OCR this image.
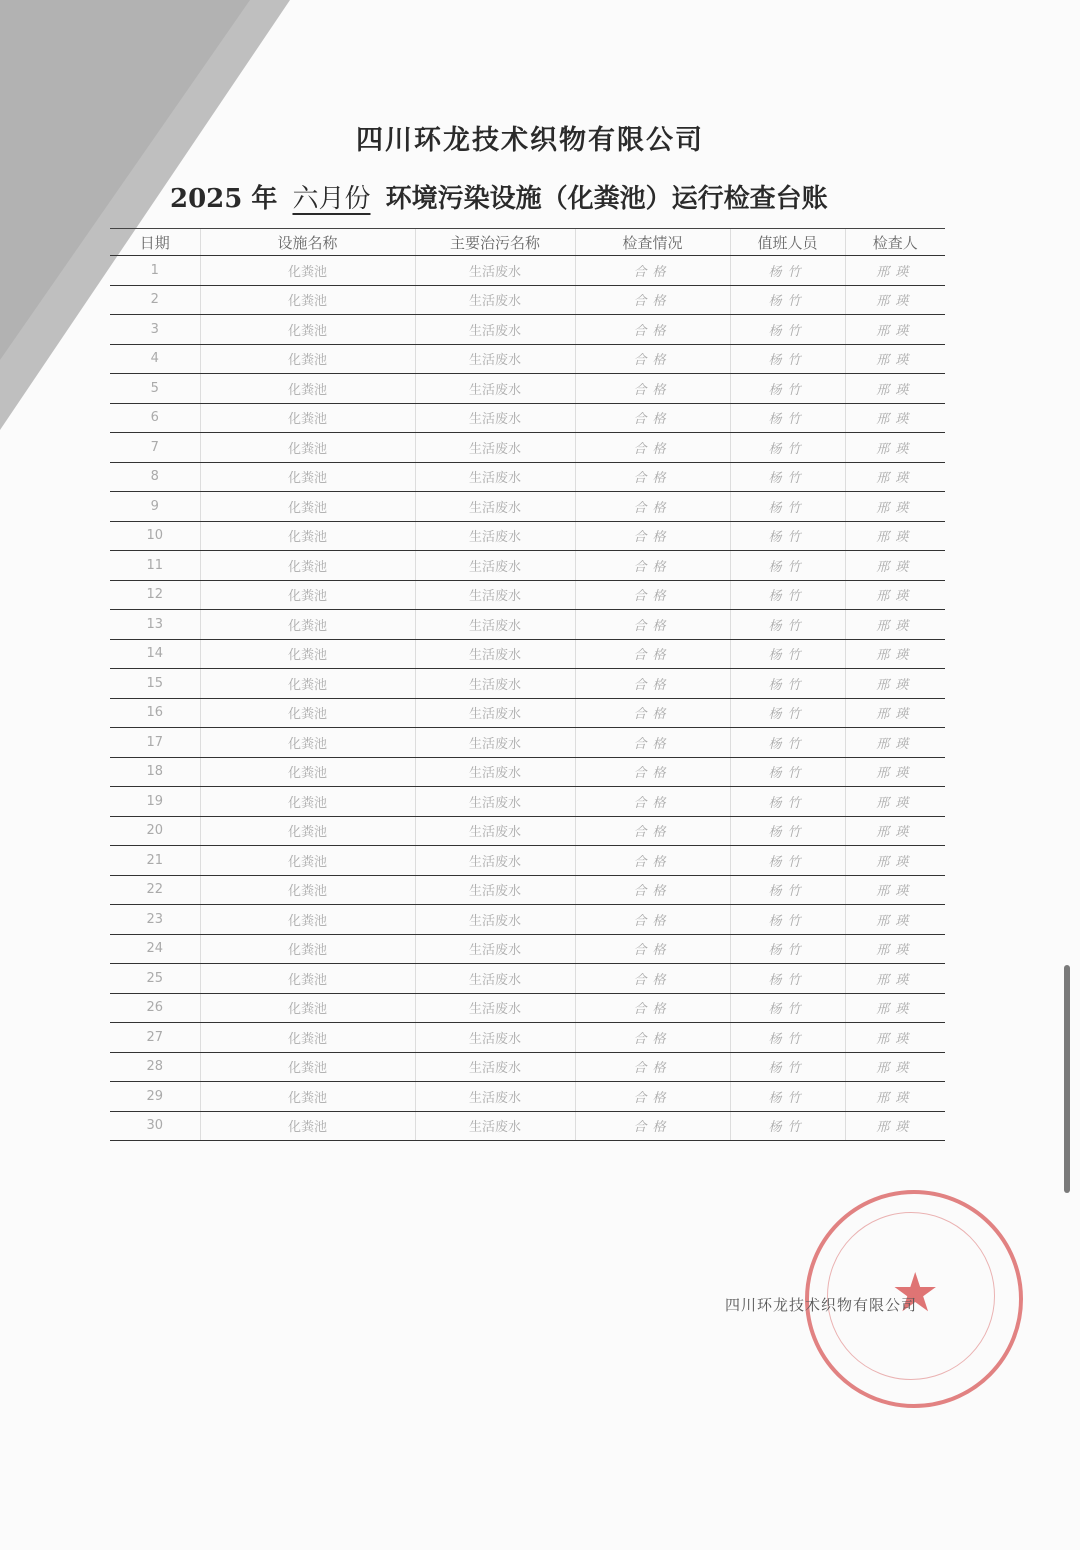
四川环龙技术织物有限公司
2025 年 六月份 环境污染设施（化粪池）运行检查台账
日期	设施名称	主要治污名称	检查情况	值班人员	检查人
1	化粪池	生活废水	合格	杨竹	邢瑛
2	化粪池	生活废水	合格	杨竹	邢瑛
3	化粪池	生活废水	合格	杨竹	邢瑛
4	化粪池	生活废水	合格	杨竹	邢瑛
5	化粪池	生活废水	合格	杨竹	邢瑛
6	化粪池	生活废水	合格	杨竹	邢瑛
7	化粪池	生活废水	合格	杨竹	邢瑛
8	化粪池	生活废水	合格	杨竹	邢瑛
9	化粪池	生活废水	合格	杨竹	邢瑛
10	化粪池	生活废水	合格	杨竹	邢瑛
11	化粪池	生活废水	合格	杨竹	邢瑛
12	化粪池	生活废水	合格	杨竹	邢瑛
13	化粪池	生活废水	合格	杨竹	邢瑛
14	化粪池	生活废水	合格	杨竹	邢瑛
15	化粪池	生活废水	合格	杨竹	邢瑛
16	化粪池	生活废水	合格	杨竹	邢瑛
17	化粪池	生活废水	合格	杨竹	邢瑛
18	化粪池	生活废水	合格	杨竹	邢瑛
19	化粪池	生活废水	合格	杨竹	邢瑛
20	化粪池	生活废水	合格	杨竹	邢瑛
21	化粪池	生活废水	合格	杨竹	邢瑛
22	化粪池	生活废水	合格	杨竹	邢瑛
23	化粪池	生活废水	合格	杨竹	邢瑛
24	化粪池	生活废水	合格	杨竹	邢瑛
25	化粪池	生活废水	合格	杨竹	邢瑛
26	化粪池	生活废水	合格	杨竹	邢瑛
27	化粪池	生活废水	合格	杨竹	邢瑛
28	化粪池	生活废水	合格	杨竹	邢瑛
29	化粪池	生活废水	合格	杨竹	邢瑛
30	化粪池	生活废水	合格	杨竹	邢瑛
★
四川环龙技术织物有限公司
